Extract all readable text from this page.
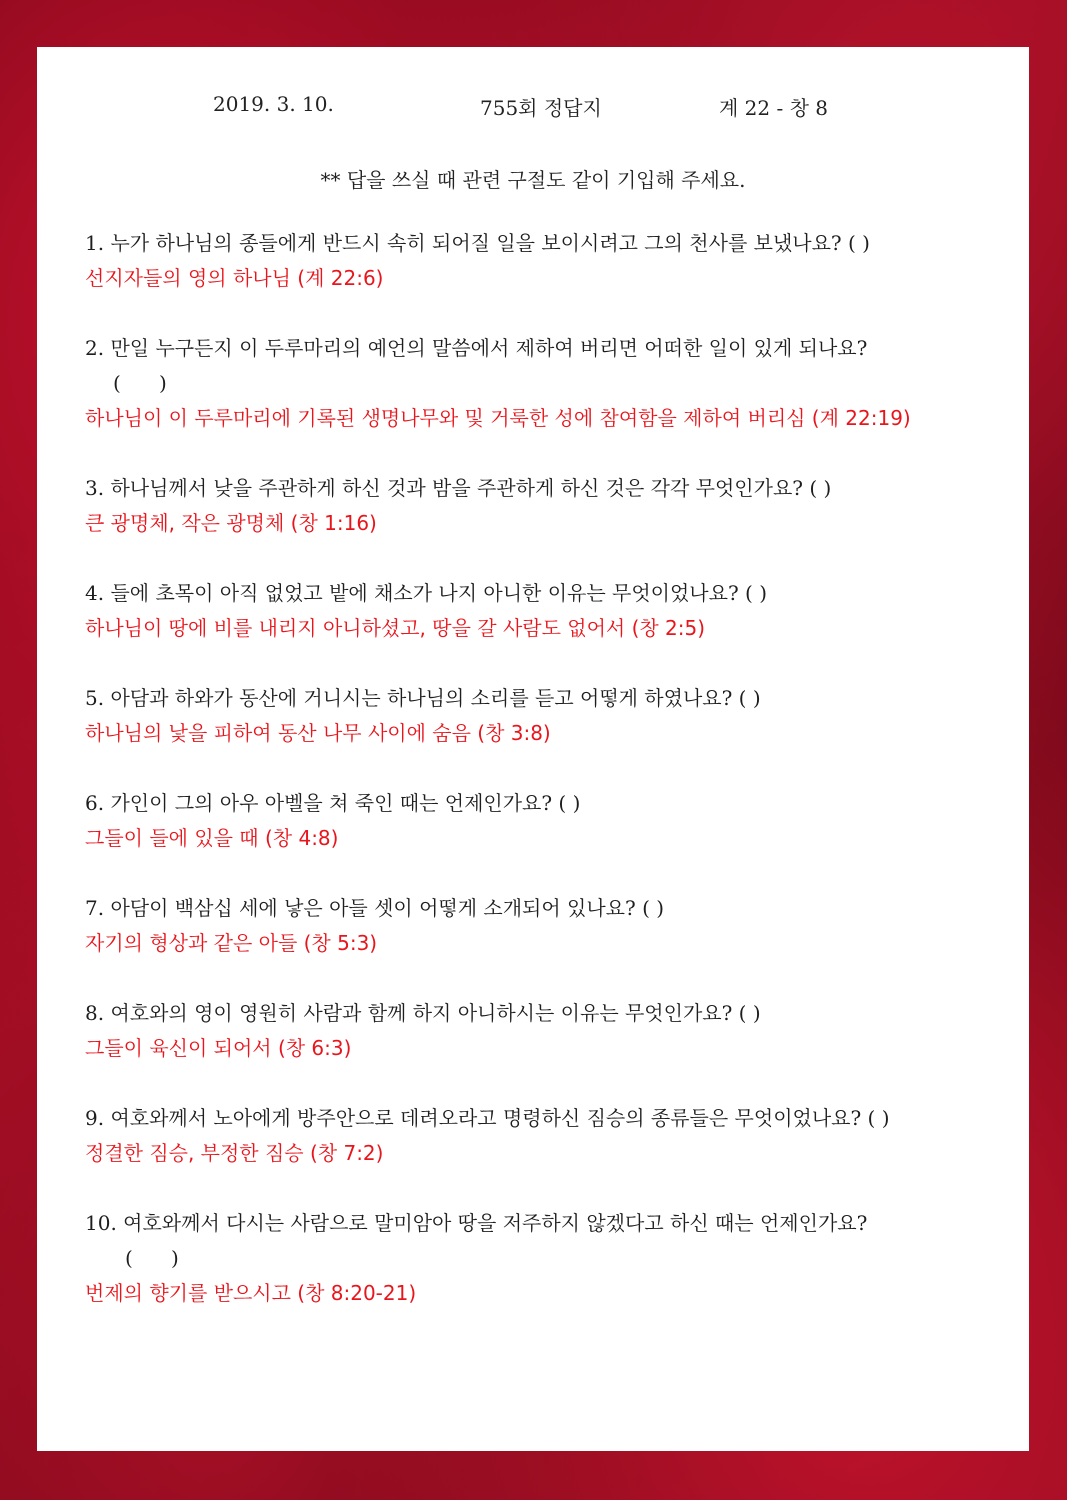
2019. 3. 10.	755회 정답지	계 22 - 창 8
** 답을 쓰실 때 관련 구절도 같이 기입해 주세요.
1. 누가 하나님의 종들에게 반드시 속히 되어질 일을 보이시려고 그의 천사를 보냈나요? ( )
선지자들의 영의 하나님 (계 22:6)
2. 만일 누구든지 이 두루마리의 예언의 말씀에서 제하여 버리면 어떠한 일이 있게 되나요?
(      )
하나님이 이 두루마리에 기록된 생명나무와 및 거룩한 성에 참여함을 제하여 버리심 (계 22:19)
3. 하나님께서 낮을 주관하게 하신 것과 밤을 주관하게 하신 것은 각각 무엇인가요? ( )
큰 광명체, 작은 광명체 (창 1:16)
4. 들에 초목이 아직 없었고 밭에 채소가 나지 아니한 이유는 무엇이었나요? ( )
하나님이 땅에 비를 내리지 아니하셨고, 땅을 갈 사람도 없어서 (창 2:5)
5. 아담과 하와가 동산에 거니시는 하나님의 소리를 듣고 어떻게 하였나요? ( )
하나님의 낯을 피하여 동산 나무 사이에 숨음 (창 3:8)
6. 가인이 그의 아우 아벨을 쳐 죽인 때는 언제인가요? ( )
그들이 들에 있을 때 (창 4:8)
7. 아담이 백삼십 세에 낳은 아들 셋이 어떻게 소개되어 있나요? ( )
자기의 형상과 같은 아들 (창 5:3)
8. 여호와의 영이 영원히 사람과 함께 하지 아니하시는 이유는 무엇인가요? ( )
그들이 육신이 되어서 (창 6:3)
9. 여호와께서 노아에게 방주안으로 데려오라고 명령하신 짐승의 종류들은 무엇이었나요? ( )
정결한 짐승, 부정한 짐승 (창 7:2)
10. 여호와께서 다시는 사람으로 말미암아 땅을 저주하지 않겠다고 하신 때는 언제인가요?
(      )
번제의 향기를 받으시고 (창 8:20-21)
